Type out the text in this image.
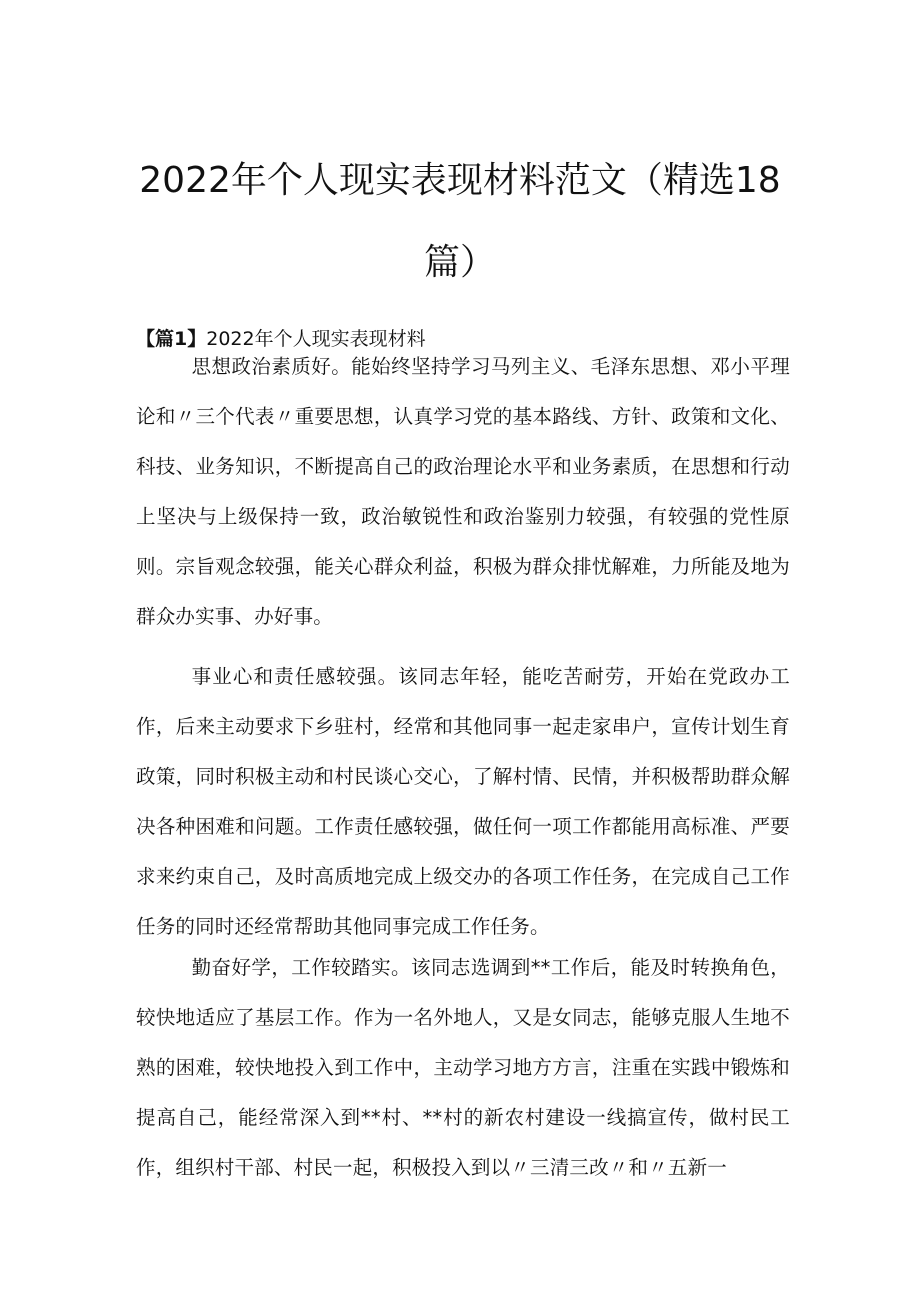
2022年个人现实表现材料范文（精选18篇）

【篇1】2022年个人现实表现材料

思想政治素质好。能始终坚持学习马列主义、毛泽东思想、邓小平理论和〃三个代表〃重要思想，认真学习党的基本路线、方针、政策和文化、科技、业务知识，不断提高自己的政治理论水平和业务素质，在思想和行动上坚决与上级保持一致，政治敏锐性和政治鉴别力较强，有较强的党性原则。宗旨观念较强，能关心群众利益，积极为群众排忧解难，力所能及地为群众办实事、办好事。

事业心和责任感较强。该同志年轻，能吃苦耐劳，开始在党政办工作，后来主动要求下乡驻村，经常和其他同事一起走家串户，宣传计划生育政策，同时积极主动和村民谈心交心，了解村情、民情，并积极帮助群众解决各种困难和问题。工作责任感较强，做任何一项工作都能用高标准、严要求来约束自己，及时高质地完成上级交办的各项工作任务，在完成自己工作任务的同时还经常帮助其他同事完成工作任务。

勤奋好学，工作较踏实。该同志选调到**工作后，能及时转换角色，较快地适应了基层工作。作为一名外地人，又是女同志，能够克服人生地不熟的困难，较快地投入到工作中，主动学习地方方言，注重在实践中锻炼和提高自己，能经常深入到**村、**村的新农村建设一线搞宣传，做村民工作，组织村干部、村民一起，积极投入到以〃三清三改〃和〃五新一
